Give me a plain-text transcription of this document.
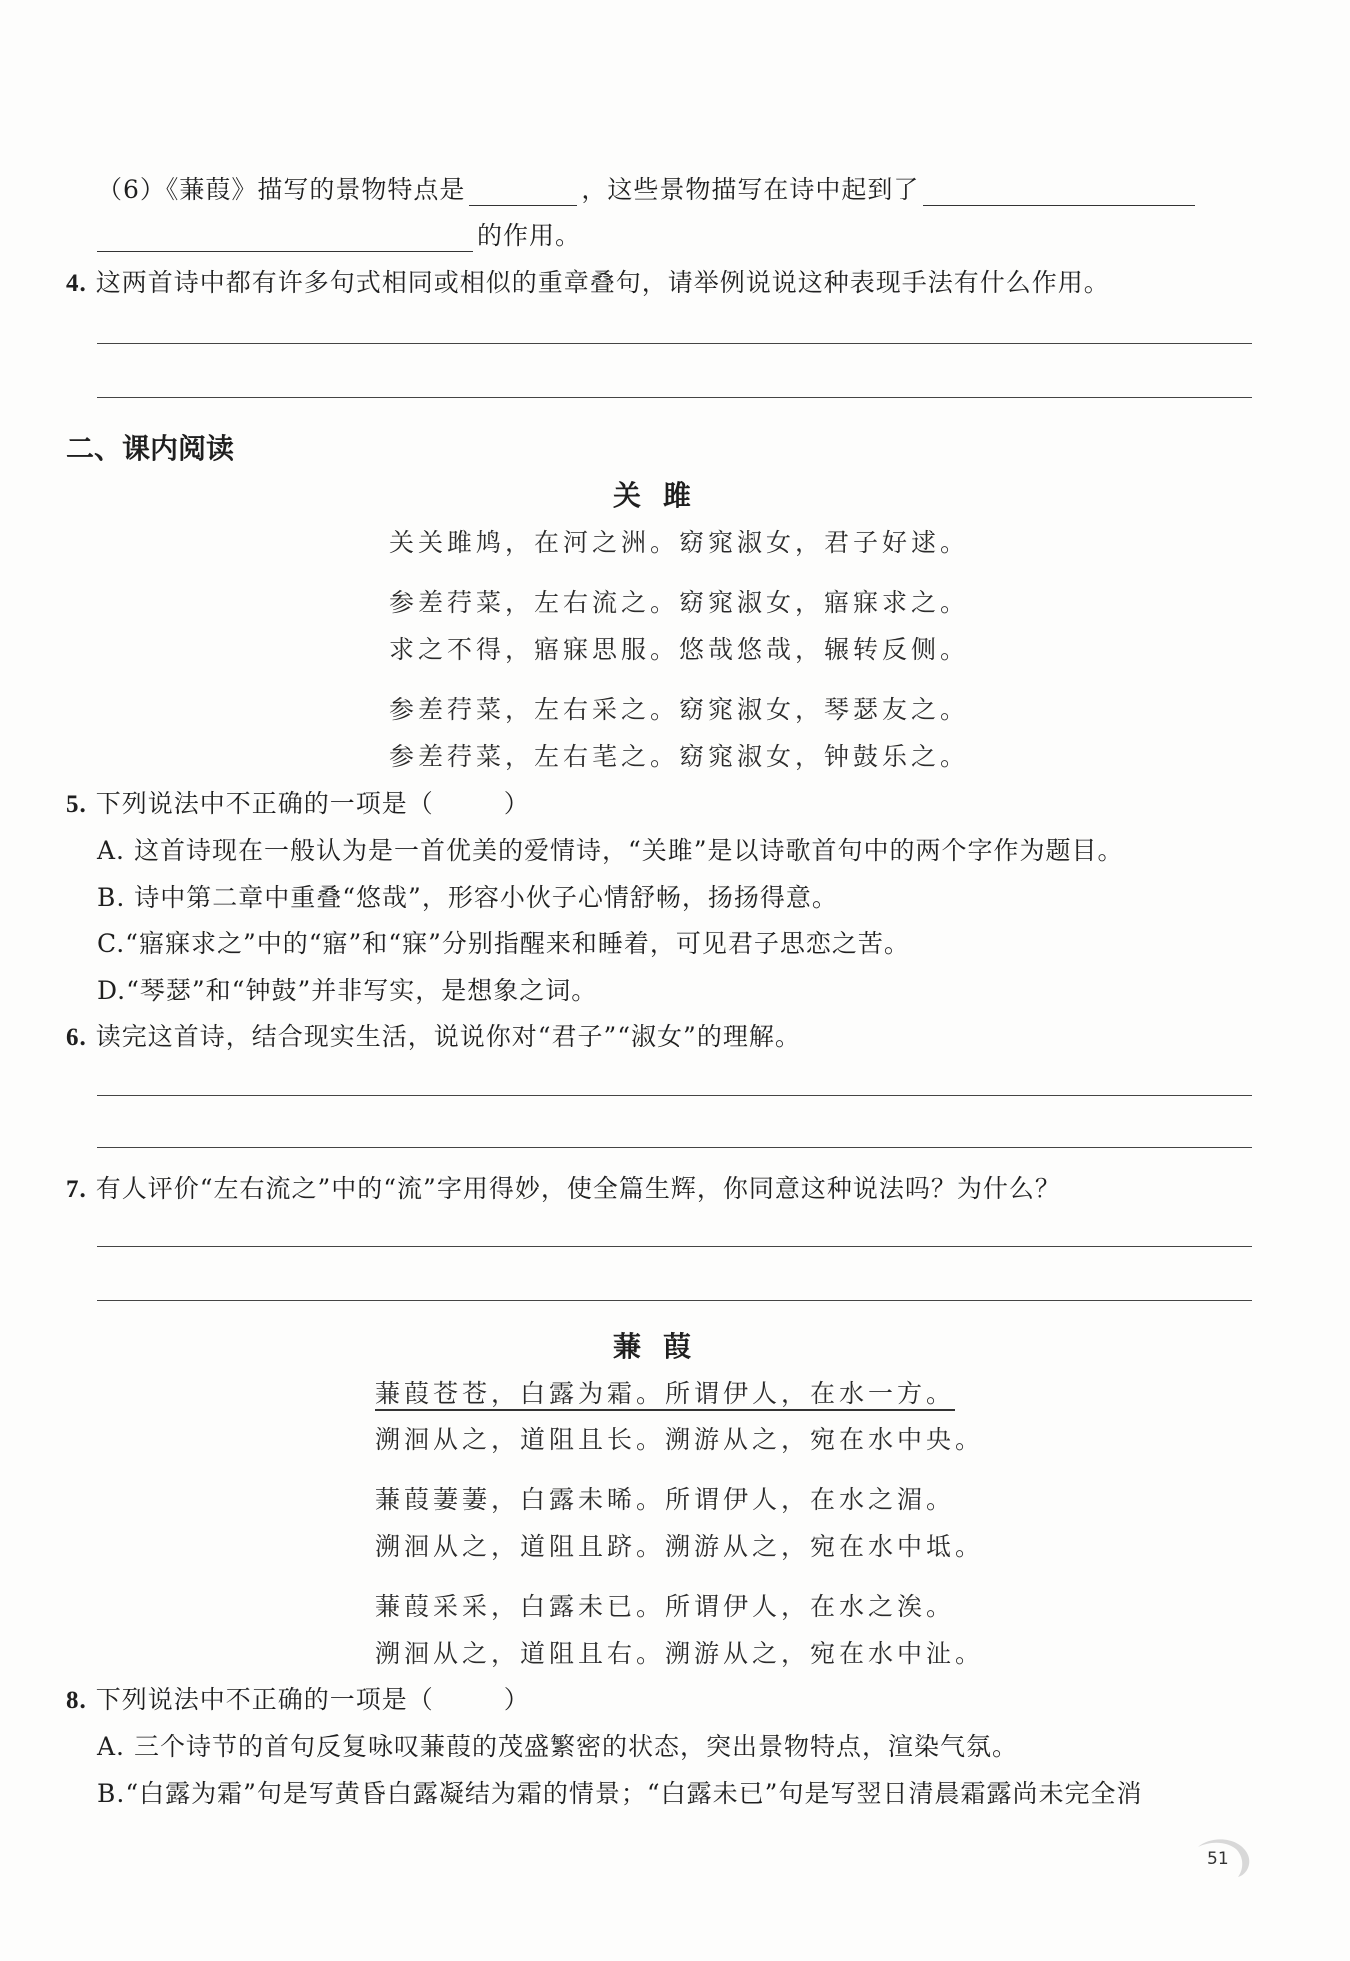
（6）《蒹葭》描写的景物特点是	，这些景物描写在诗中起到了
的作用。
4. 这两首诗中都有许多句式相同或相似的重章叠句，请举例说说这种表现手法有什么作用。
二、课内阅读
关雎
关关雎鸠，在河之洲。窈窕淑女，君子好逑。
参差荇菜，左右流之。窈窕淑女，寤寐求之。
求之不得，寤寐思服。悠哉悠哉，辗转反侧。
参差荇菜，左右采之。窈窕淑女，琴瑟友之。
参差荇菜，左右芼之。窈窕淑女，钟鼓乐之。
5. 下列说法中不正确的一项是（	）
A. 这首诗现在一般认为是一首优美的爱情诗，“关雎”是以诗歌首句中的两个字作为题目。
B. 诗中第二章中重叠“悠哉”，形容小伙子心情舒畅，扬扬得意。
C.“寤寐求之”中的“寤”和“寐”分别指醒来和睡着，可见君子思恋之苦。
D.“琴瑟”和“钟鼓”并非写实，是想象之词。
6. 读完这首诗，结合现实生活，说说你对“君子”“淑女”的理解。
7. 有人评价“左右流之”中的“流”字用得妙，使全篇生辉，你同意这种说法吗？为什么？
蒹葭
蒹葭苍苍，白露为霜。所谓伊人，在水一方。
溯洄从之，道阻且长。溯游从之，宛在水中央。
蒹葭萋萋，白露未晞。所谓伊人，在水之湄。
溯洄从之，道阻且跻。溯游从之，宛在水中坻。
蒹葭采采，白露未已。所谓伊人，在水之涘。
溯洄从之，道阻且右。溯游从之，宛在水中沚。
8. 下列说法中不正确的一项是（	）
A. 三个诗节的首句反复咏叹蒹葭的茂盛繁密的状态，突出景物特点，渲染气氛。
B.“白露为霜”句是写黄昏白露凝结为霜的情景；“白露未已”句是写翌日清晨霜露尚未完全消
51
